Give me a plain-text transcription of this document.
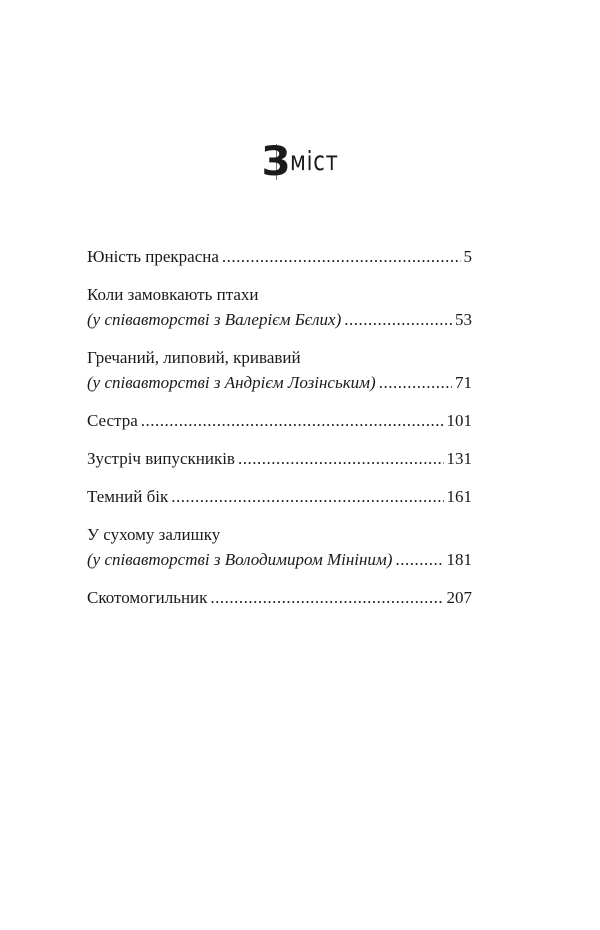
Зміст
Юність прекрасна .....	5
Коли замовкають птахи
(у співавторстві з Валерієм Бєлих) .....	53
Гречаний, липовий, кривавий
(у співавторстві з Андрієм Лозінським) .....	71
Сестра .....	101
Зустріч випускників .....	131
Темний бік .....	161
У сухому залишку
(у співавторстві з Володимиром Мініним) .....	181
Скотомогильник .....	207
